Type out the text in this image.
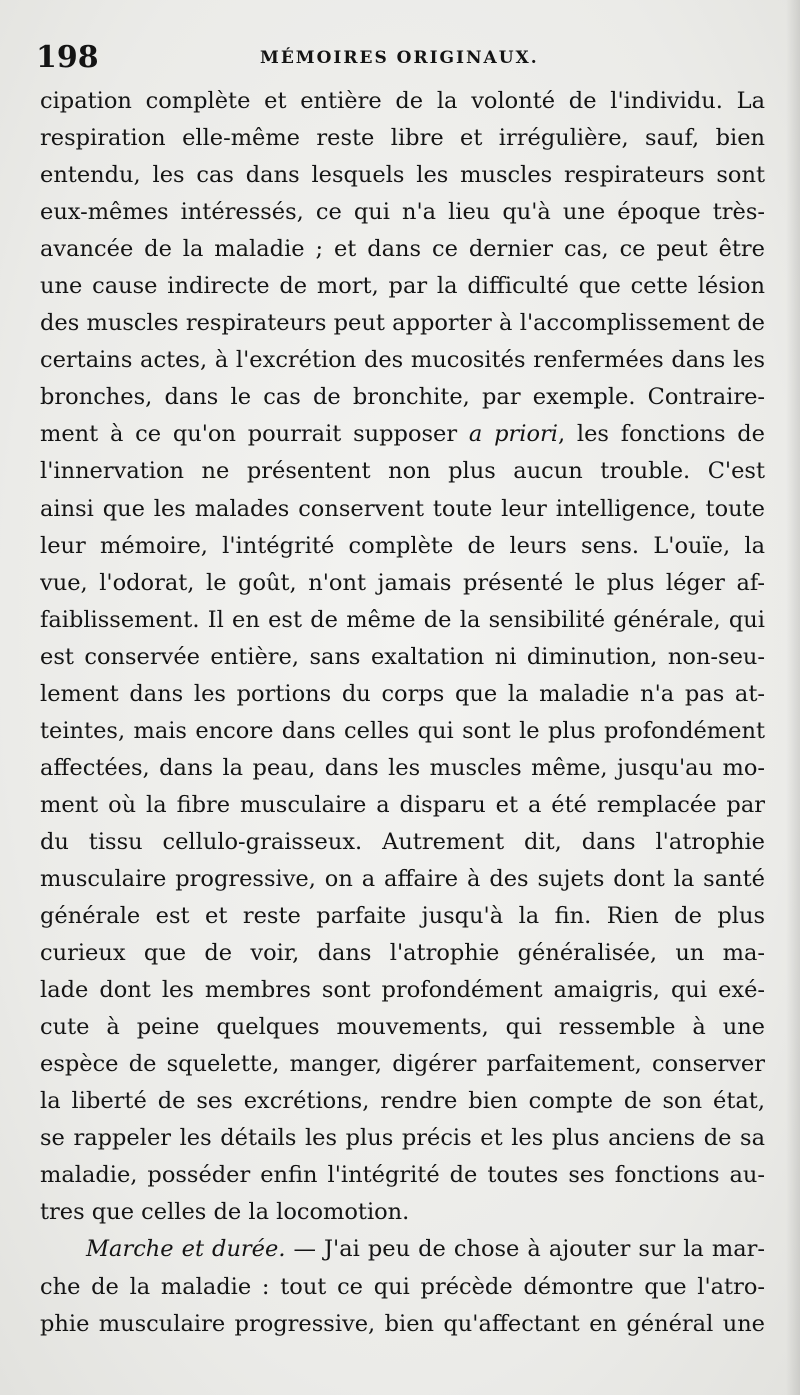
198	MÉMOIRES ORIGINAUX.
cipation complète et entière de la volonté de l'individu. La
respiration elle-même reste libre et irrégulière, sauf, bien
entendu, les cas dans lesquels les muscles respirateurs sont
eux-mêmes intéressés, ce qui n'a lieu qu'à une époque très-
avancée de la maladie ; et dans ce dernier cas, ce peut être
une cause indirecte de mort, par la difficulté que cette lésion
des muscles respirateurs peut apporter à l'accomplissement de
certains actes, à l'excrétion des mucosités renfermées dans les
bronches, dans le cas de bronchite, par exemple. Contraire-
ment à ce qu'on pourrait supposer a priori, les fonctions de
l'innervation ne présentent non plus aucun trouble. C'est
ainsi que les malades conservent toute leur intelligence, toute
leur mémoire, l'intégrité complète de leurs sens. L'ouïe, la
vue, l'odorat, le goût, n'ont jamais présenté le plus léger af-
faiblissement. Il en est de même de la sensibilité générale, qui
est conservée entière, sans exaltation ni diminution, non-seu-
lement dans les portions du corps que la maladie n'a pas at-
teintes, mais encore dans celles qui sont le plus profondément
affectées, dans la peau, dans les muscles même, jusqu'au mo-
ment où la fibre musculaire a disparu et a été remplacée par
du tissu cellulo-graisseux. Autrement dit, dans l'atrophie
musculaire progressive, on a affaire à des sujets dont la santé
générale est et reste parfaite jusqu'à la fin. Rien de plus
curieux que de voir, dans l'atrophie généralisée, un ma-
lade dont les membres sont profondément amaigris, qui exé-
cute à peine quelques mouvements, qui ressemble à une
espèce de squelette, manger, digérer parfaitement, conserver
la liberté de ses excrétions, rendre bien compte de son état,
se rappeler les détails les plus précis et les plus anciens de sa
maladie, posséder enfin l'intégrité de toutes ses fonctions au-
tres que celles de la locomotion.
Marche et durée. — J'ai peu de chose à ajouter sur la mar-
che de la maladie : tout ce qui précède démontre que l'atro-
phie musculaire progressive, bien qu'affectant en général une
